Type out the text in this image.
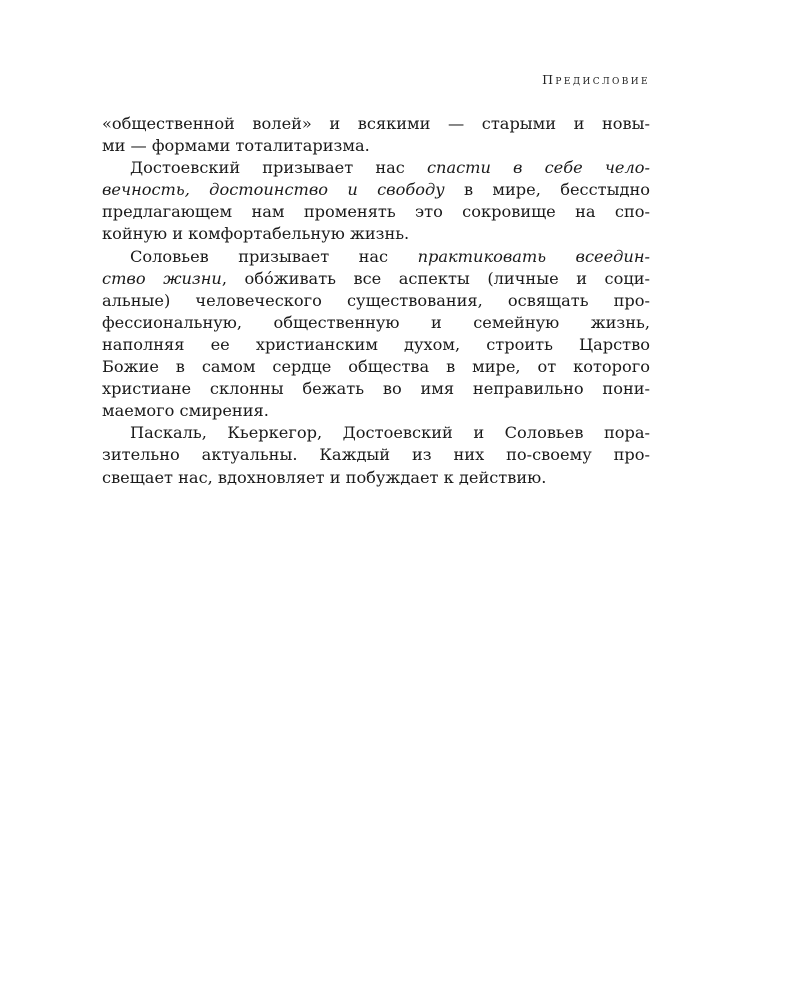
Предисловие
«общественной волей» и всякими — старыми и новы-
ми — формами тоталитаризма.
Достоевский призывает нас спасти в себе чело-
вечность, достоинство и свободу в мире, бесстыдно
предлагающем нам променять это сокровище на спо-
койную и комфортабельную жизнь.
Соловьев призывает нас практиковать всеедин-
ство жизни, обóживать все аспекты (личные и соци-
альные) человеческого существования, освящать про-
фессиональную, общественную и семейную жизнь,
наполняя ее христианским духом, строить Царство
Божие в самом сердце общества в мире, от которого
христиане склонны бежать во имя неправильно пони-
маемого смирения.
Паскаль, Кьеркегор, Достоевский и Соловьев пора-
зительно актуальны. Каждый из них по-своему про-
свещает нас, вдохновляет и побуждает к действию.
